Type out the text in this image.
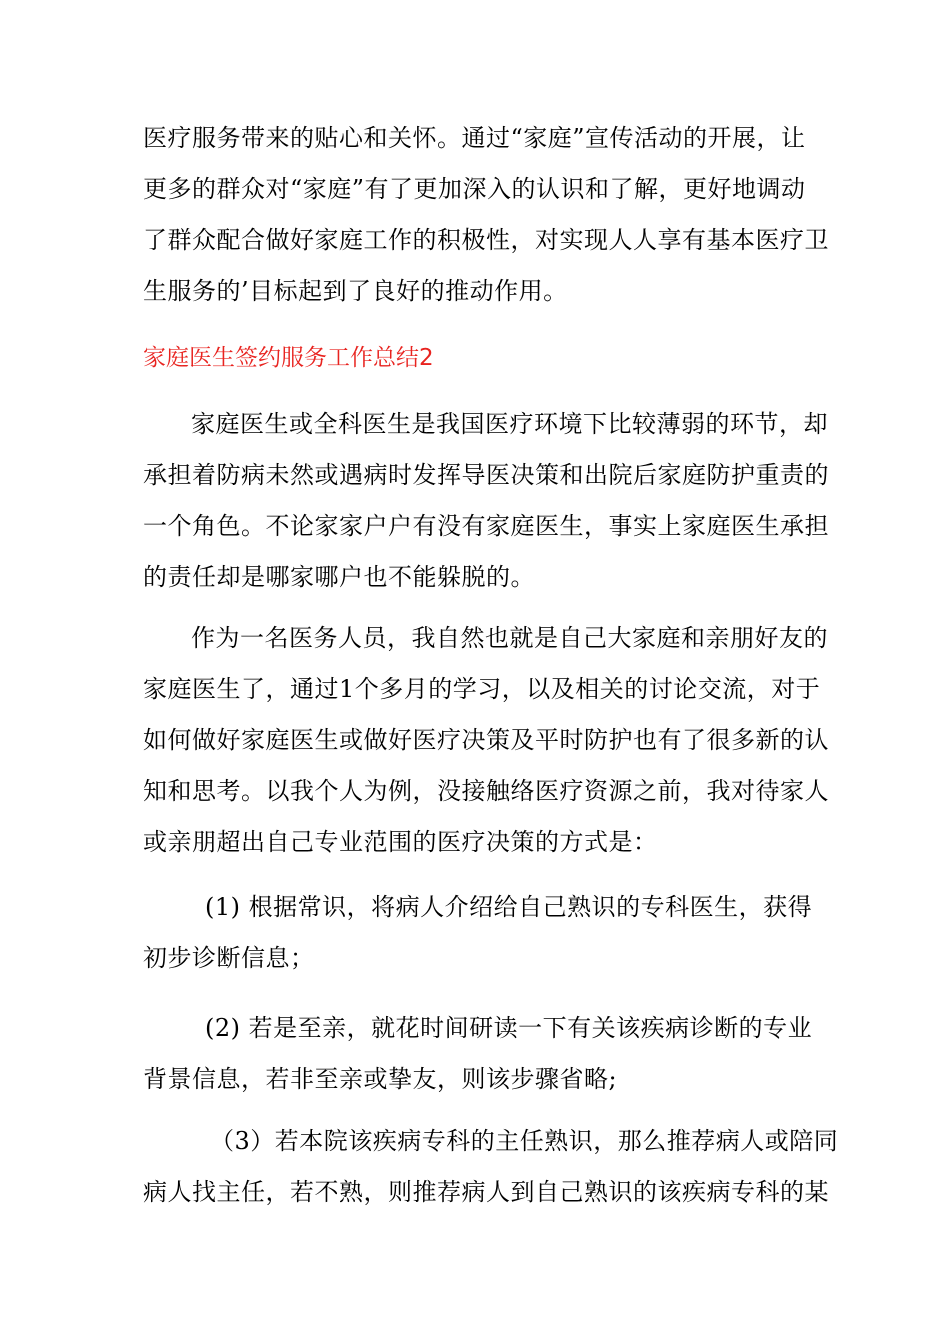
医疗服务带来的贴心和关怀。通过“家庭”宣传活动的开展，让
更多的群众对“家庭”有了更加深入的认识和了解，更好地调动
了群众配合做好家庭工作的积极性，对实现人人享有基本医疗卫
生服务的’目标起到了良好的推动作用。
家庭医生签约服务工作总结2
家庭医生或全科医生是我国医疗环境下比较薄弱的环节，却
承担着防病未然或遇病时发挥导医决策和出院后家庭防护重责的
一个角色。不论家家户户有没有家庭医生，事实上家庭医生承担
的责任却是哪家哪户也不能躲脱的。
作为一名医务人员，我自然也就是自己大家庭和亲朋好友的
家庭医生了，通过1个多月的学习，以及相关的讨论交流，对于
如何做好家庭医生或做好医疗决策及平时防护也有了很多新的认
知和思考。以我个人为例，没接触络医疗资源之前，我对待家人
或亲朋超出自己专业范围的医疗决策的方式是：
(1) 根据常识，将病人介绍给自己熟识的专科医生，获得
初步诊断信息；
(2) 若是至亲，就花时间研读一下有关该疾病诊断的专业
背景信息，若非至亲或挚友，则该步骤省略;
（3）若本院该疾病专科的主任熟识，那么推荐病人或陪同
病人找主任，若不熟，则推荐病人到自己熟识的该疾病专科的某
